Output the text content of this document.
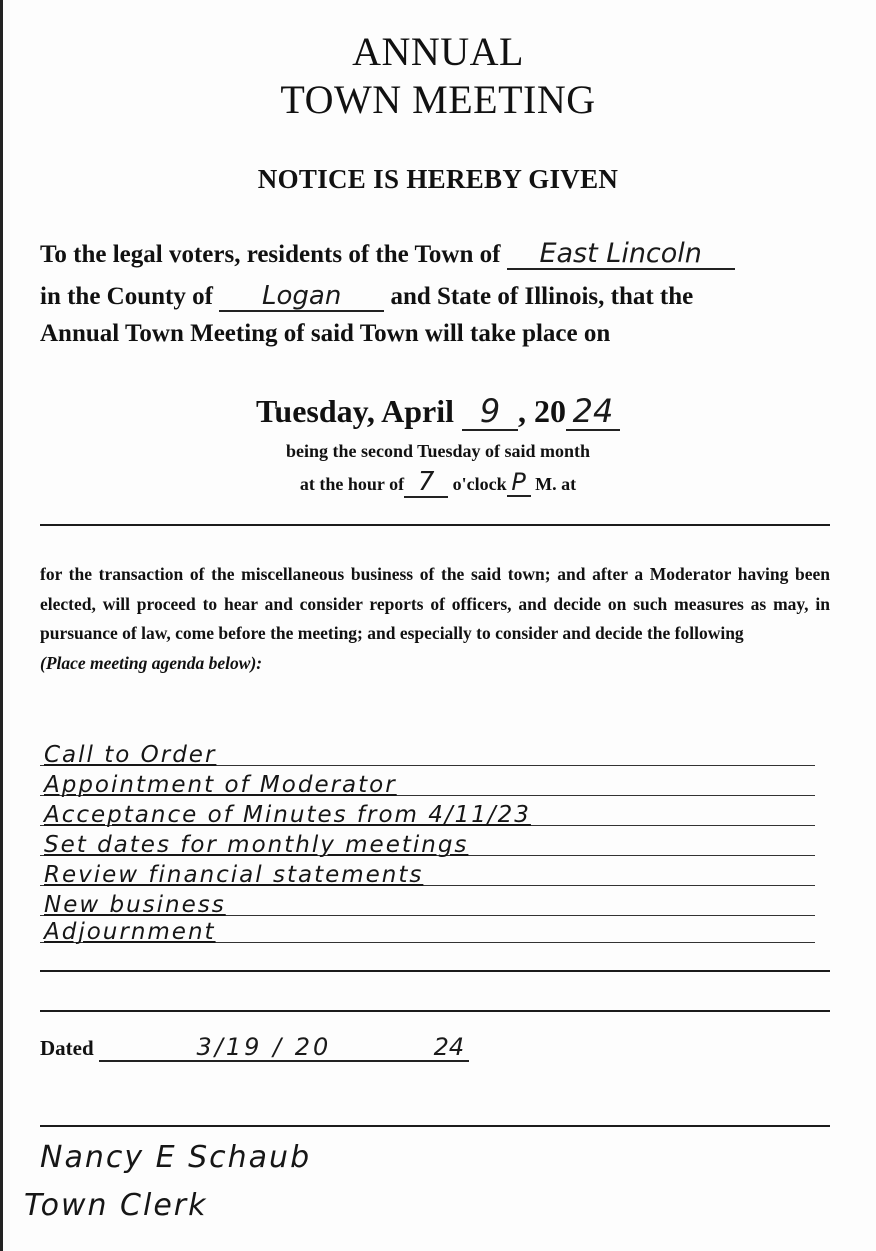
ANNUAL
TOWN MEETING
NOTICE IS HEREBY GIVEN
To the legal voters, residents of the Town of East Lincoln
in the County of Logan and State of Illinois, that the
Annual Town Meeting of said Town will take place on
Tuesday, April 9 , 20 24
being the second Tuesday of said month
at the hour of 7 o'clock P M. at
for the transaction of the miscellaneous business of the said town; and after a Moderator having been elected, will proceed to hear and consider reports of officers, and decide on such measures as may, in pursuance of law, come before the meeting; and especially to consider and decide the following
(Place meeting agenda below):
Call to Order
Appointment of Moderator
Acceptance of Minutes from 4/11/23
Set dates for monthly meetings
Review financial statements
New business
Adjournment
Dated	3/19 / 20	24
Nancy E Schaub
Town Clerk
